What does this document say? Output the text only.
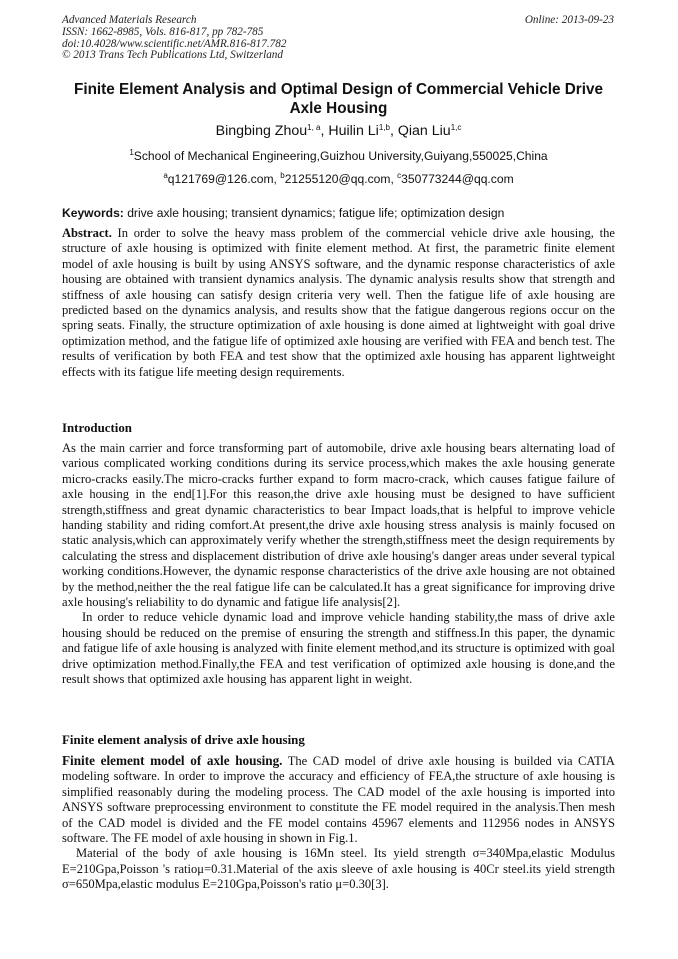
Advanced Materials Research
ISSN: 1662-8985, Vols. 816-817, pp 782-785
doi:10.4028/www.scientific.net/AMR.816-817.782
© 2013 Trans Tech Publications Ltd, Switzerland
Online: 2013-09-23
Finite Element Analysis and Optimal Design of Commercial Vehicle Drive Axle Housing
Bingbing Zhou$^{1, a}$, Huilin Li$^{1,b}$, Qian Liu$^{1,c}$
$^1$School of Mechanical Engineering,Guizhou University,Guiyang,550025,China
$^a$q121769@126.com, $^b$21255120@qq.com, $^c$350773244@qq.com
Keywords: drive axle housing; transient dynamics; fatigue life; optimization design

Abstract. In order to solve the heavy mass problem of the commercial vehicle drive axle housing, the structure of axle housing is optimized with finite element method. At first, the parametric finite element model of axle housing is built by using ANSYS software, and the dynamic response characteristics of axle housing are obtained with transient dynamics analysis. The dynamic analysis results show that strength and stiffness of axle housing can satisfy design criteria very well. Then the fatigue life of axle housing are predicted based on the dynamics analysis, and results show that the fatigue dangerous regions occur on the spring seats. Finally, the structure optimization of axle housing is done aimed at lightweight with goal drive optimization method, and the fatigue life of optimized axle housing are verified with FEA and bench test. The results of verification by both FEA and test show that the optimized axle housing has apparent lightweight effects with its fatigue life meeting design requirements.

Introduction

As the main carrier and force transforming part of automobile, drive axle housing bears alternating load of various complicated working conditions during its service process,which makes the axle housing generate micro-cracks easily.The micro-cracks further expand to form macro-crack, which causes fatigue failure of axle housing in the end[1].For this reason,the drive axle housing must be designed to have sufficient strength,stiffness and great dynamic characteristics to bear Impact loads,that is helpful to improve vehicle handing stability and riding comfort.At present,the drive axle housing stress analysis is mainly focused on static analysis,which can approximately verify whether the strength,stiffness meet the design requirements by calculating the stress and displacement distribution of drive axle housing's danger areas under several typical working conditions.However, the dynamic response characteristics of the drive axle housing are not obtained by the method,neither the the real fatigue life can be calculated.It has a great significance for improving drive axle housing's reliability to do dynamic and fatigue life analysis[2].

In order to reduce vehicle dynamic load and improve vehicle handing stability,the mass of drive axle housing should be reduced on the premise of ensuring the strength and stiffness.In this paper, the dynamic and fatigue life of axle housing is analyzed with finite element method,and its structure is optimized with goal drive optimization method.Finally,the FEA and test verification of optimized axle housing is done,and the result shows that optimized axle housing has apparent light in weight.

Finite element analysis of drive axle housing

Finite element model of axle housing. The CAD model of drive axle housing is builded via CATIA modeling software. In order to improve the accuracy and efficiency of FEA,the structure of axle housing is simplified reasonably during the modeling process. The CAD model of the axle housing is imported into ANSYS software preprocessing environment to constitute the FE model required in the analysis.Then mesh of the CAD model is divided and the FE model contains 45967 elements and 112956 nodes in ANSYS software. The FE model of axle housing in shown in Fig.1.

Material of the body of axle housing is 16Mn steel. Its yield strength σ=340Mpa,elastic Modulus E=210Gpa,Poisson 's ratioμ=0.31.Material of the axis sleeve of axle housing is 40Cr steel.its yield strength σ=650Mpa,elastic modulus E=210Gpa,Poisson's ratio μ=0.30[3].
